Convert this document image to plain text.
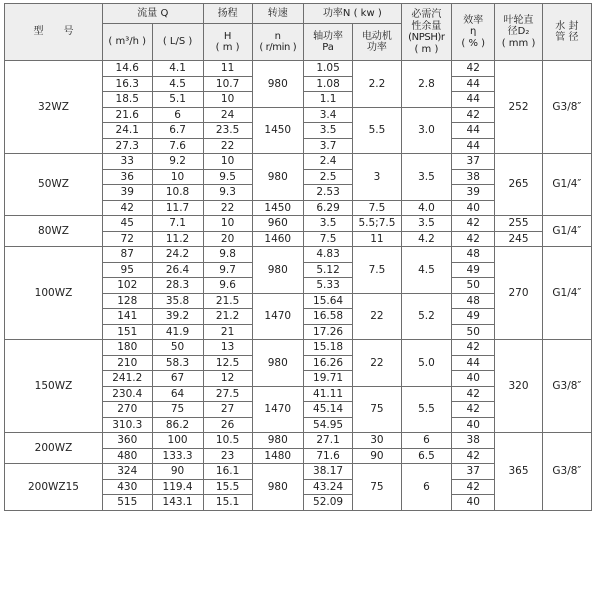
型　　号	流量 Q		扬程	转速	功率N ( kw )		必需汽
性余量
(NPSH)r
( m )	效率
η
( % )	叶轮直
径D₂
( mm )	水 封
管 径

	( m³/h )	( L/S )	H
( m )	n
( r/min )	轴功率
Pa	电动机
功率				

32WZ	14.6	4.1	11	980	1.05	2.2	2.8	42	252	G3/8″
	16.3	4.5	10.7		1.08			44		
	18.5	5.1	10		1.1			44		
	21.6	6	24	1450	3.4	5.5	3.0	42		
	24.1	6.7	23.5		3.5			44		
	27.3	7.6	22		3.7			44		
50WZ	33	9.2	10	980	2.4	3	3.5	37	265	G1/4″
	36	10	9.5		2.5			38		
	39	10.8	9.3		2.53			39		
	42	11.7	22	1450	6.29	7.5	4.0	40		
80WZ	45	7.1	10	960	3.5	5.5;7.5	3.5	42	255	G1/4″
	72	11.2	20	1460	7.5	11	4.2	42	245	
100WZ	87	24.2	9.8	980	4.83	7.5	4.5	48	270	G1/4″
	95	26.4	9.7		5.12			49		
	102	28.3	9.6		5.33			50		
	128	35.8	21.5	1470	15.64	22	5.2	48		
	141	39.2	21.2		16.58			49		
	151	41.9	21		17.26			50		
150WZ	180	50	13	980	15.18	22	5.0	42	320	G3/8″
	210	58.3	12.5		16.26			44		
	241.2	67	12		19.71			40		
	230.4	64	27.5	1470	41.11	75	5.5	42		
	270	75	27		45.14			42		
	310.3	86.2	26		54.95			40		
200WZ	360	100	10.5	980	27.1	30	6	38	365	G3/8″
	480	133.3	23	1480	71.6	90	6.5	42		
200WZ15	324	90	16.1	980	38.17	75	6	37		
	430	119.4	15.5		43.24			42		
	515	143.1	15.1		52.09			40		
